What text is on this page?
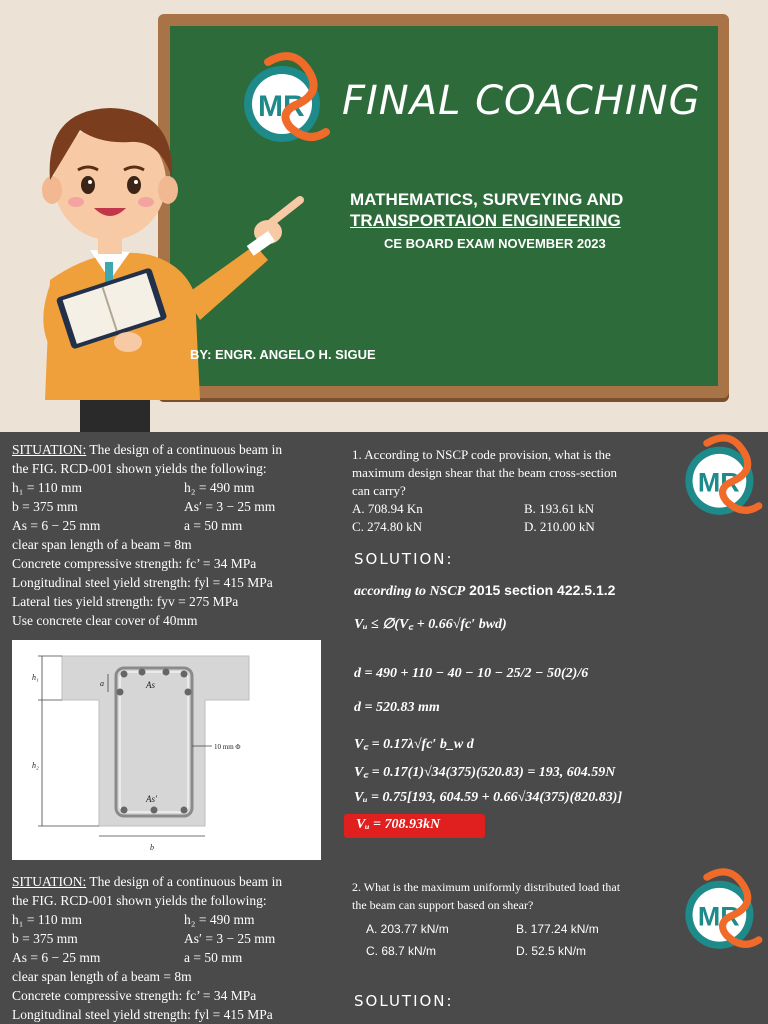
MR FINAL COACHING
MATHEMATICS, SURVEYING AND
TRANSPORTAION ENGINEERING
CE BOARD EXAM NOVEMBER 2023
BY: ENGR. ANGELO H. SIGUE
SITUATION: The design of a continuous beam in
the FIG. RCD-001 shown yields the following:
h₁ = 110 mm	h₂ = 490 mm
b = 375 mm	As′ = 3 − 25 mm
As = 6 − 25 mm	a = 50 mm
clear span length of a beam = 8m
Concrete compressive strength: fc’ = 34 MPa
Longitudinal steel yield strength: fyl = 415 MPa
Lateral ties yield strength: fyv = 275 MPa
Use concrete clear cover of 40mm
h₁
h₂
a	As
As′
10 mm Φ
b
SITUATION: The design of a continuous beam in
the FIG. RCD-001 shown yields the following:
h₁ = 110 mm	h₂ = 490 mm
b = 375 mm	As′ = 3 − 25 mm
As = 6 − 25 mm	a = 50 mm
clear span length of a beam = 8m
Concrete compressive strength: fc’ = 34 MPa
Longitudinal steel yield strength: fyl = 415 MPa
1. According to NSCP code provision, what is the
maximum design shear that the beam cross-section
can carry?
A. 708.94 Kn	B. 193.61 kN
C. 274.80 kN	D. 210.00 kN
MR
SOLUTION:
according to NSCP 2015 section 422.5.1.2
Vᵤ ≤ ∅(V꜀ + 0.66√fc′ bwd)
d = 490 + 110 − 40 − 10 − 25/2 − 50(2)/6
d = 520.83 mm
V꜀ = 0.17λ√fc′ b_w d
V꜀ = 0.17(1)√34(375)(520.83) = 193, 604.59N
Vᵤ = 0.75[193, 604.59 + 0.66√34(375)(820.83)]
Vᵤ = 708.93kN
2. What is the maximum uniformly distributed load that
the beam can support based on shear?
A. 203.77 kN/m	B. 177.24 kN/m
C. 68.7 kN/m	D. 52.5 kN/m
MR
SOLUTION:
